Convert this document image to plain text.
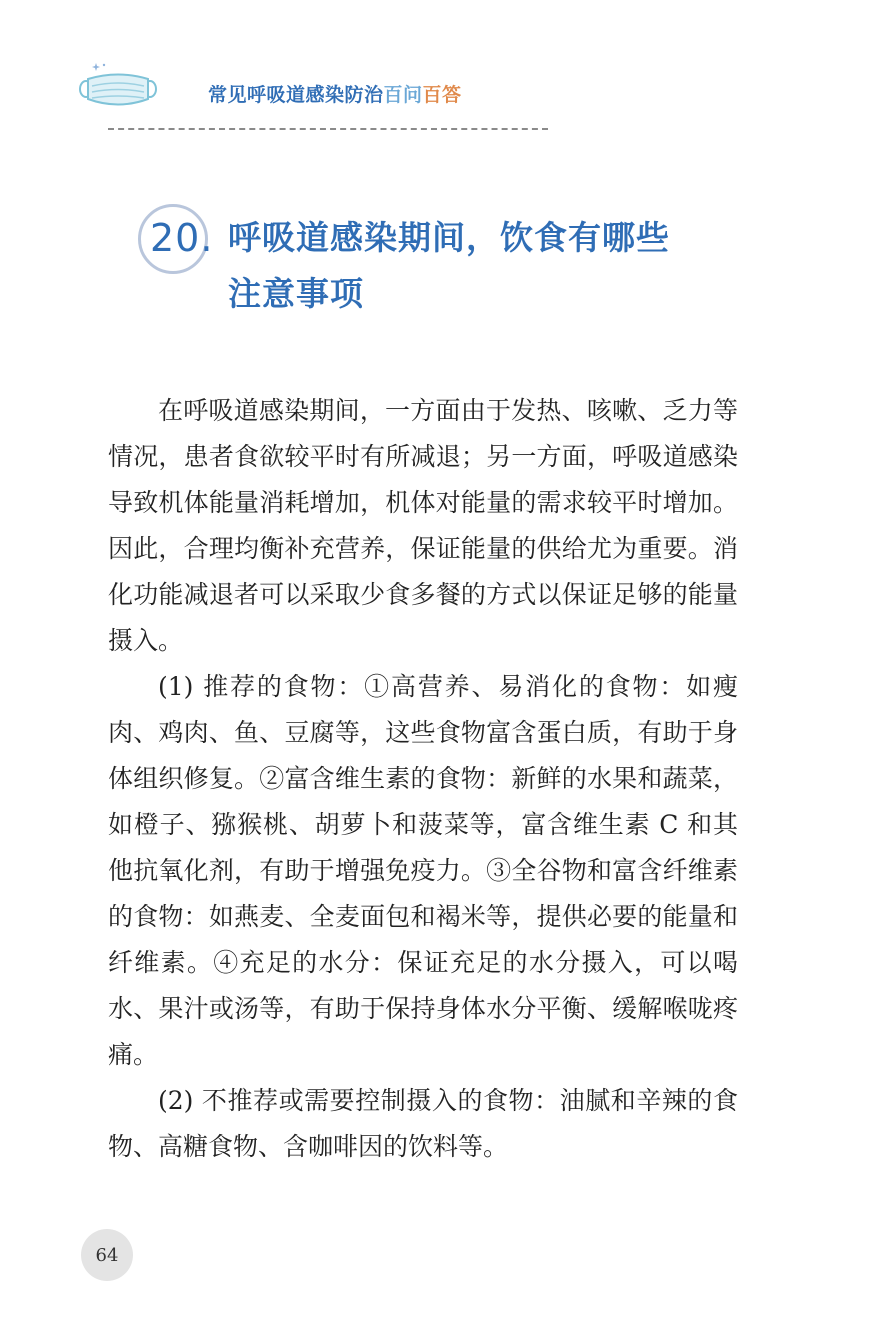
常见呼吸道感染防治百问百答
20. 呼吸道感染期间，饮食有哪些
注意事项

在呼吸道感染期间，一方面由于发热、咳嗽、乏力等情况，患者食欲较平时有所减退；另一方面，呼吸道感染导致机体能量消耗增加，机体对能量的需求较平时增加。因此，合理均衡补充营养，保证能量的供给尤为重要。消化功能减退者可以采取少食多餐的方式以保证足够的能量摄入。

(1) 推荐的食物：①高营养、易消化的食物：如瘦肉、鸡肉、鱼、豆腐等，这些食物富含蛋白质，有助于身体组织修复。②富含维生素的食物：新鲜的水果和蔬菜，如橙子、猕猴桃、胡萝卜和菠菜等，富含维生素 C 和其他抗氧化剂，有助于增强免疫力。③全谷物和富含纤维素的食物：如燕麦、全麦面包和褐米等，提供必要的能量和纤维素。④充足的水分：保证充足的水分摄入，可以喝水、果汁或汤等，有助于保持身体水分平衡、缓解喉咙疼痛。

(2) 不推荐或需要控制摄入的食物：油腻和辛辣的食物、高糖食物、含咖啡因的饮料等。

64
